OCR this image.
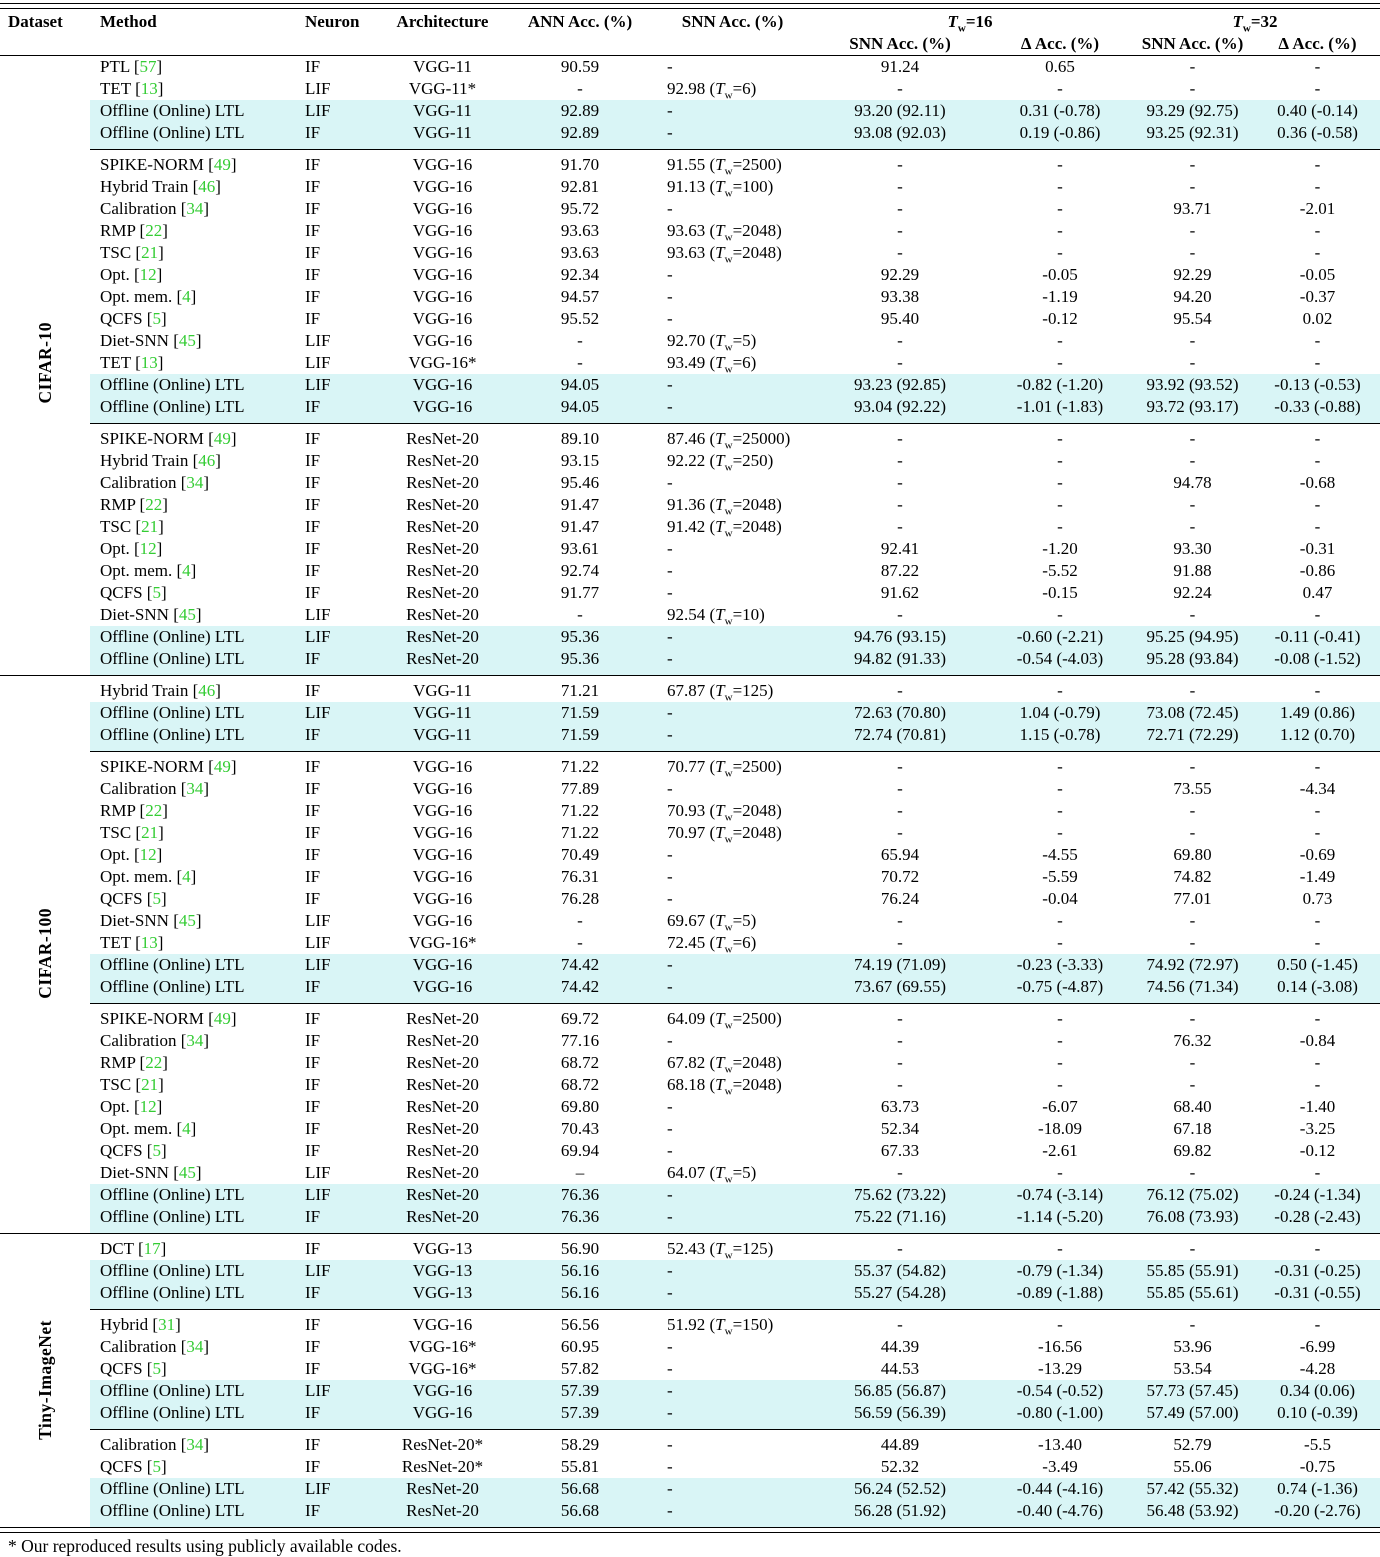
Dataset	Method	Neuron	Architecture	ANN Acc. (%)	SNN Acc. (%)	$T_w=16$		$T_w=32$	
						SNN Acc. (%)	Δ Acc. (%)	SNN Acc. (%)	Δ Acc. (%)
CIFAR-10	PTL [57]	IF	VGG-11	90.59	-	91.24	0.65	-	-
	TET [13]	LIF	VGG-11*	-	92.98 $(T_w=6)$	-	-	-	-
	Offline (Online) LTL	LIF	VGG-11	92.89	-	93.20 (92.11)	0.31 (-0.78)	93.29 (92.75)	0.40 (-0.14)
	Offline (Online) LTL	IF	VGG-11	92.89	-	93.08 (92.03)	0.19 (-0.86)	93.25 (92.31)	0.36 (-0.58)
	SPIKE-NORM [49]	IF	VGG-16	91.70	91.55 $(T_w=2500)$	-	-	-	-
	Hybrid Train [46]	IF	VGG-16	92.81	91.13 $(T_w=100)$	-	-	-	-
	Calibration [34]	IF	VGG-16	95.72	-	-	-	93.71	-2.01
	RMP [22]	IF	VGG-16	93.63	93.63 $(T_w=2048)$	-	-	-	-
	TSC [21]	IF	VGG-16	93.63	93.63 $(T_w=2048)$	-	-	-	-
	Opt. [12]	IF	VGG-16	92.34	-	92.29	-0.05	92.29	-0.05
	Opt. mem. [4]	IF	VGG-16	94.57	-	93.38	-1.19	94.20	-0.37
	QCFS [5]	IF	VGG-16	95.52	-	95.40	-0.12	95.54	0.02
	Diet-SNN [45]	LIF	VGG-16	-	92.70 $(T_w=5)$	-	-	-	-
	TET [13]	LIF	VGG-16*	-	93.49 $(T_w=6)$	-	-	-	-
	Offline (Online) LTL	LIF	VGG-16	94.05	-	93.23 (92.85)	-0.82 (-1.20)	93.92 (93.52)	-0.13 (-0.53)
	Offline (Online) LTL	IF	VGG-16	94.05	-	93.04 (92.22)	-1.01 (-1.83)	93.72 (93.17)	-0.33 (-0.88)
	SPIKE-NORM [49]	IF	ResNet-20	89.10	87.46 $(T_w=25000)$	-	-	-	-
	Hybrid Train [46]	IF	ResNet-20	93.15	92.22 $(T_w=250)$	-	-	-	-
	Calibration [34]	IF	ResNet-20	95.46	-	-	-	94.78	-0.68
	RMP [22]	IF	ResNet-20	91.47	91.36 $(T_w=2048)$	-	-	-	-
	TSC [21]	IF	ResNet-20	91.47	91.42 $(T_w=2048)$	-	-	-	-
	Opt. [12]	IF	ResNet-20	93.61	-	92.41	-1.20	93.30	-0.31
	Opt. mem. [4]	IF	ResNet-20	92.74	-	87.22	-5.52	91.88	-0.86
	QCFS [5]	IF	ResNet-20	91.77	-	91.62	-0.15	92.24	0.47
	Diet-SNN [45]	LIF	ResNet-20	-	92.54 $(T_w=10)$	-	-	-	-
	Offline (Online) LTL	LIF	ResNet-20	95.36	-	94.76 (93.15)	-0.60 (-2.21)	95.25 (94.95)	-0.11 (-0.41)
	Offline (Online) LTL	IF	ResNet-20	95.36	-	94.82 (91.33)	-0.54 (-4.03)	95.28 (93.84)	-0.08 (-1.52)
CIFAR-100	Hybrid Train [46]	IF	VGG-11	71.21	67.87 $(T_w=125)$	-	-	-	-
	Offline (Online) LTL	LIF	VGG-11	71.59	-	72.63 (70.80)	1.04 (-0.79)	73.08 (72.45)	1.49 (0.86)
	Offline (Online) LTL	IF	VGG-11	71.59	-	72.74 (70.81)	1.15 (-0.78)	72.71 (72.29)	1.12 (0.70)
	SPIKE-NORM [49]	IF	VGG-16	71.22	70.77 $(T_w=2500)$	-	-	-	-
	Calibration [34]	IF	VGG-16	77.89	-	-	-	73.55	-4.34
	RMP [22]	IF	VGG-16	71.22	70.93 $(T_w=2048)$	-	-	-	-
	TSC [21]	IF	VGG-16	71.22	70.97 $(T_w=2048)$	-	-	-	-
	Opt. [12]	IF	VGG-16	70.49	-	65.94	-4.55	69.80	-0.69
	Opt. mem. [4]	IF	VGG-16	76.31	-	70.72	-5.59	74.82	-1.49
	QCFS [5]	IF	VGG-16	76.28	-	76.24	-0.04	77.01	0.73
	Diet-SNN [45]	LIF	VGG-16	-	69.67 $(T_w=5)$	-	-	-	-
	TET [13]	LIF	VGG-16*	-	72.45 $(T_w=6)$	-	-	-	-
	Offline (Online) LTL	LIF	VGG-16	74.42	-	74.19 (71.09)	-0.23 (-3.33)	74.92 (72.97)	0.50 (-1.45)
	Offline (Online) LTL	IF	VGG-16	74.42	-	73.67 (69.55)	-0.75 (-4.87)	74.56 (71.34)	0.14 (-3.08)
	SPIKE-NORM [49]	IF	ResNet-20	69.72	64.09 $(T_w=2500)$	-	-	-	-
	Calibration [34]	IF	ResNet-20	77.16	-	-	-	76.32	-0.84
	RMP [22]	IF	ResNet-20	68.72	67.82 $(T_w=2048)$	-	-	-	-
	TSC [21]	IF	ResNet-20	68.72	68.18 $(T_w=2048)$	-	-	-	-
	Opt. [12]	IF	ResNet-20	69.80	-	63.73	-6.07	68.40	-1.40
	Opt. mem. [4]	IF	ResNet-20	70.43	-	52.34	-18.09	67.18	-3.25
	QCFS [5]	IF	ResNet-20	69.94	-	67.33	-2.61	69.82	-0.12
	Diet-SNN [45]	LIF	ResNet-20	–	64.07 $(T_w=5)$	-	-	-	-
	Offline (Online) LTL	LIF	ResNet-20	76.36	-	75.62 (73.22)	-0.74 (-3.14)	76.12 (75.02)	-0.24 (-1.34)
	Offline (Online) LTL	IF	ResNet-20	76.36	-	75.22 (71.16)	-1.14 (-5.20)	76.08 (73.93)	-0.28 (-2.43)
Tiny-ImageNet	DCT [17]	IF	VGG-13	56.90	52.43 $(T_w=125)$	-	-	-	-
	Offline (Online) LTL	LIF	VGG-13	56.16	-	55.37 (54.82)	-0.79 (-1.34)	55.85 (55.91)	-0.31 (-0.25)
	Offline (Online) LTL	IF	VGG-13	56.16	-	55.27 (54.28)	-0.89 (-1.88)	55.85 (55.61)	-0.31 (-0.55)
	Hybrid [31]	IF	VGG-16	56.56	51.92 $(T_w=150)$	-	-	-	-
	Calibration [34]	IF	VGG-16*	60.95	-	44.39	-16.56	53.96	-6.99
	QCFS [5]	IF	VGG-16*	57.82	-	44.53	-13.29	53.54	-4.28
	Offline (Online) LTL	LIF	VGG-16	57.39	-	56.85 (56.87)	-0.54 (-0.52)	57.73 (57.45)	0.34 (0.06)
	Offline (Online) LTL	IF	VGG-16	57.39	-	56.59 (56.39)	-0.80 (-1.00)	57.49 (57.00)	0.10 (-0.39)
	Calibration [34]	IF	ResNet-20*	58.29	-	44.89	-13.40	52.79	-5.5
	QCFS [5]	IF	ResNet-20*	55.81	-	52.32	-3.49	55.06	-0.75
	Offline (Online) LTL	LIF	ResNet-20	56.68	-	56.24 (52.52)	-0.44 (-4.16)	57.42 (55.32)	0.74 (-1.36)
	Offline (Online) LTL	IF	ResNet-20	56.68	-	56.28 (51.92)	-0.40 (-4.76)	56.48 (53.92)	-0.20 (-2.76)
* Our reproduced results using publicly available codes.
